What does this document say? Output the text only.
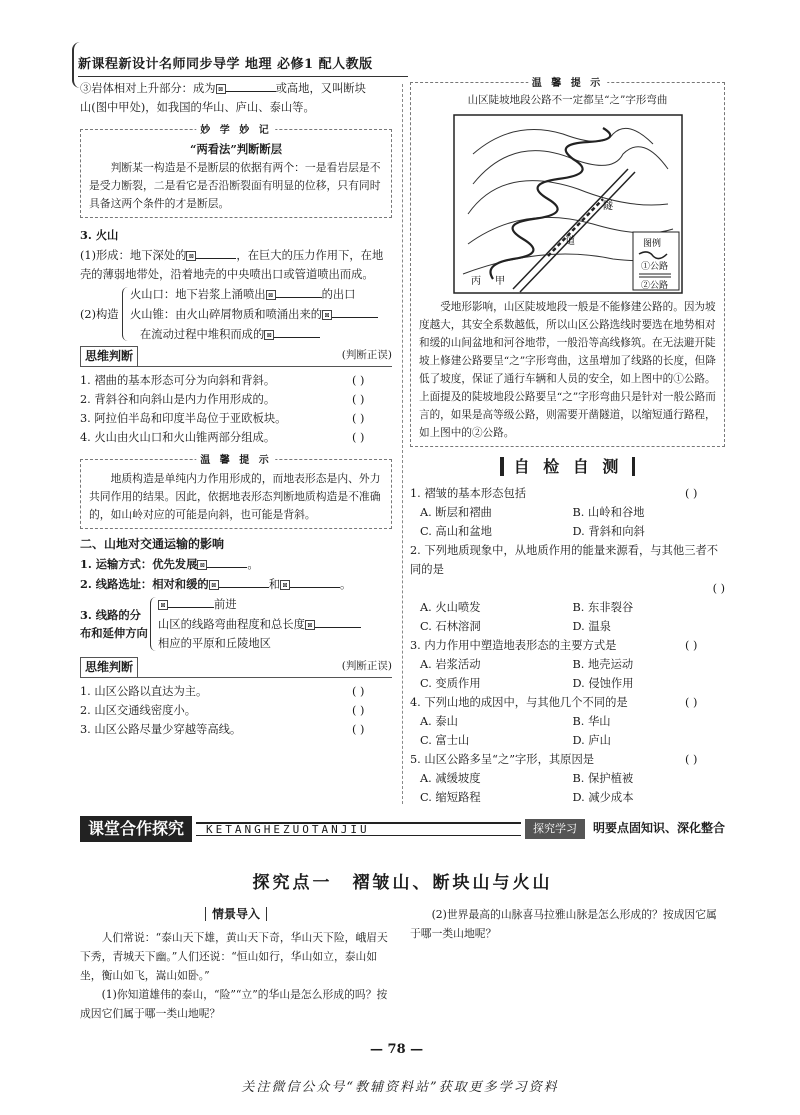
新课程新设计名师同步导学 地理 必修1 配人教版
③岩体相对上升部分：成为 ⊠	或高地，又叫断块
山(图中甲处)，如我国的华山、庐山、泰山等。
妙 学 妙 记
“两看法”判断断层
判断某一构造是不是断层的依据有两个：一是看岩层是不是受力断裂，二是看它是否沿断裂面有明显的位移，只有同时具备这两个条件的才是断层。
3. 火山
(1)形成：地下深处的 ⊠	，在巨大的压力作用下，在地壳的薄弱地带处，沿着地壳的中央喷出口或管道喷出而成。
(2)构造
火山口：地下岩浆上涌喷出 ⊠	的出口
火山锥：由火山碎屑物质和喷涌出来的 ⊠
在流动过程中堆积而成的 ⊠
思维判断	(判断正误)
1. 褶曲的基本形态可分为向斜和背斜。	( )
2. 背斜谷和向斜山是内力作用形成的。	( )
3. 阿拉伯半岛和印度半岛位于亚欧板块。	( )
4. 火山由火山口和火山锥两部分组成。	( )
温 馨 提 示
地质构造是单纯内力作用形成的，而地表形态是内、外力共同作用的结果。因此，依据地表形态判断地质构造是不准确的，如山岭对应的可能是向斜，也可能是背斜。
二、山地对交通运输的影响
1. 运输方式：优先发展 ⊠	。
2. 线路选址：相对和缓的 ⊠	和 ⊠	。
3. 线路的分布和延伸方向
⊠	前进
山区的线路弯曲程度和总长度 ⊠
相应的平原和丘陵地区
思维判断	(判断正误)
1. 山区公路以直达为主。	( )
2. 山区交通线密度小。	( )
3. 山区公路尽量少穿越等高线。	( )
温 馨 提 示
山区陡坡地段公路不一定都呈“之”字形弯曲
图例
①公路
②公路
隧
道
丙 甲
受地形影响，山区陡坡地段一般是不能修建公路的。因为坡度越大，其安全系数越低，所以山区公路选线时要选在地势相对和缓的山间盆地和河谷地带，一般沿等高线修筑。在无法避开陡坡上修建公路要呈“之”字形弯曲，这虽增加了线路的长度，但降低了坡度，保证了通行车辆和人员的安全，如上图中的①公路。上面提及的陡坡地段公路要呈“之”字形弯曲只是针对一般公路而言的，如果是高等级公路，则需要开凿隧道，以缩短通行路程，如上图中的②公路。
自 检 自 测
1. 褶皱的基本形态包括	( )
A. 断层和褶曲	B. 山岭和谷地
C. 高山和盆地	D. 背斜和向斜
2. 下列地质现象中，从地质作用的能量来源看，与其他三者不同的是
( )
A. 火山喷发	B. 东非裂谷
C. 石林溶洞	D. 温泉
3. 内力作用中塑造地表形态的主要方式是	( )
A. 岩浆活动	B. 地壳运动
C. 变质作用	D. 侵蚀作用
4. 下列山地的成因中，与其他几个不同的是	( )
A. 泰山	B. 华山
C. 富士山	D. 庐山
5. 山区公路多呈“之”字形，其原因是	( )
A. 减缓坡度	B. 保护植被
C. 缩短路程	D. 减少成本
课堂合作探究	KETANGHEZUOTANJIU	探究学习	明要点固知识、深化整合
探究点一　褶皱山、断块山与火山
情景导入
人们常说：“泰山天下雄，黄山天下奇，华山天下险，峨眉天下秀，青城天下幽。”人们还说：“恒山如行，华山如立，泰山如坐，衡山如飞，嵩山如卧。”
(1)你知道雄伟的泰山，“险”“立”的华山是怎么形成的吗？按成因它们属于哪一类山地呢？
(2)世界最高的山脉喜马拉雅山脉是怎么形成的？按成因它属于哪一类山地呢？
— 78 —
关注微信公众号“教辅资料站”获取更多学习资料
